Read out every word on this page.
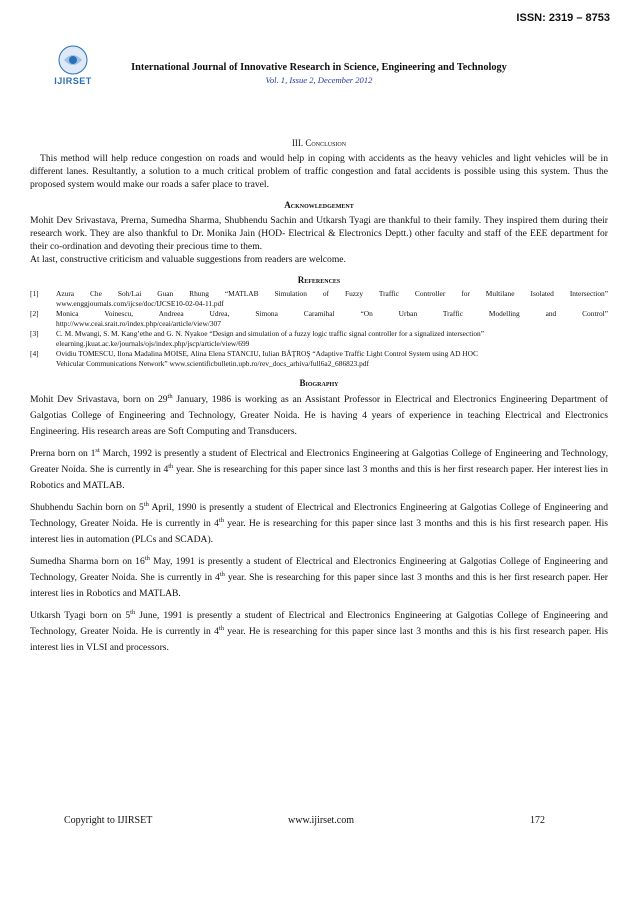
ISSN: 2319 – 8753
IJIRSET
International Journal of Innovative Research in Science, Engineering and Technology
Vol. 1, Issue 2, December 2012
III. Conclusion

This method will help reduce congestion on roads and would help in coping with accidents as the heavy vehicles and light vehicles will be in different lanes. Resultantly, a solution to a much critical problem of traffic congestion and fatal accidents is possible using this system. Thus the proposed system would make our roads a safer place to travel.

Acknowledgement

Mohit Dev Srivastava, Prerna, Sumedha Sharma, Shubhendu Sachin and Utkarsh Tyagi are thankful to their family. They inspired them during their research work. They are also thankful to Dr. Monika Jain (HOD- Electrical & Electronics Deptt.) other faculty and staff of the EEE department for their co-ordination and devoting their precious time to them.

At last, constructive criticism and valuable suggestions from readers are welcome.

References
[1]	Azura Che Soh/Lai Guan Rhung “MATLAB Simulation of Fuzzy Traffic Controller for Multilane Isolated Intersection”
www.enggjournals.com/ijcse/doc/IJCSE10-02-04-11.pdf
[2]	Monica Voinescu, Andreea Udrea, Simona Caramihal “On Urban Traffic Modelling and Control”
http://www.ceai.srait.ro/index.php/ceai/article/view/307
[3]	C. M. Mwangi, S. M. Kang’ethe and G. N. Nyakoe “Design and simulation of a fuzzy logic traffic signal controller for a signalized intersection”
elearning.jkuat.ac.ke/journals/ojs/index.php/jscp/article/view/699
[4]	Ovidiu TOMESCU, Ilona Madalina MOISE, Alina Elena STANCIU, Iulian BĂŢROŞ “Adaptive Traffic Light Control System using AD HOC
Vehicular Communications Network” www.scientificbulletin.upb.ro/rev_docs_arhiva/full6a2_686823.pdf
Biography

Mohit Dev Srivastava, born on 29th January, 1986 is working as an Assistant Professor in Electrical and Electronics Engineering Department of Galgotias College of Engineering and Technology, Greater Noida. He is having 4 years of experience in teaching Electrical and Electronics Engineering. His research areas are Soft Computing and Transducers.

Prerna born on 1st March, 1992 is presently a student of Electrical and Electronics Engineering at Galgotias College of Engineering and Technology, Greater Noida. She is currently in 4th year. She is researching for this paper since last 3 months and this is her first research paper. Her interest lies in Robotics and MATLAB.

Shubhendu Sachin born on 5th April, 1990 is presently a student of Electrical and Electronics Engineering at Galgotias College of Engineering and Technology, Greater Noida. He is currently in 4th year. He is researching for this paper since last 3 months and this is his first research paper. His interest lies in automation (PLCs and SCADA).

Sumedha Sharma born on 16th May, 1991 is presently a student of Electrical and Electronics Engineering at Galgotias College of Engineering and Technology, Greater Noida. She is currently in 4th year. She is researching for this paper since last 3 months and this is her first research paper. Her interest lies in Robotics and MATLAB.

Utkarsh Tyagi born on 5th June, 1991 is presently a student of Electrical and Electronics Engineering at Galgotias College of Engineering and Technology, Greater Noida. He is currently in 4th year. He is researching for this paper since last 3 months and this is his first research paper. His interest lies in VLSI and processors.

Copyright to IJIRSET	www.ijirset.com	172
